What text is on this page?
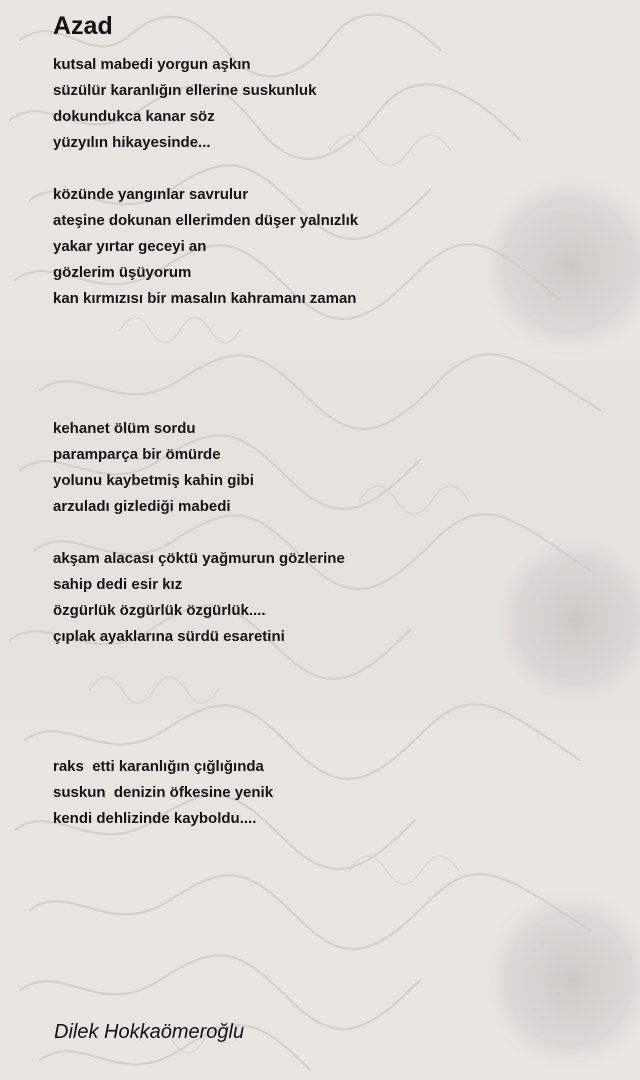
Azad
kutsal mabedi yorgun aşkın
süzülür karanlığın ellerine suskunluk
dokundukca kanar söz
yüzyılın hikayesinde...
közünde yangınlar savrulur
ateşine dokunan ellerimden düşer yalnızlık
yakar yırtar geceyi an
gözlerim üşüyorum
kan kırmızısı bir masalın kahramanı zaman
kehanet ölüm sordu
paramparça bir ömürde
yolunu kaybetmiş kahin gibi
arzuladı gizlediği mabedi
akşam alacası çöktü yağmurun gözlerine
sahip dedi esir kız
özgürlük özgürlük özgürlük....
çıplak ayaklarına sürdü esaretini
raks  etti karanlığın çığlığında
suskun  denizin öfkesine yenik
kendi dehlizinde kayboldu....

Dilek Hokkaömeroğlu
